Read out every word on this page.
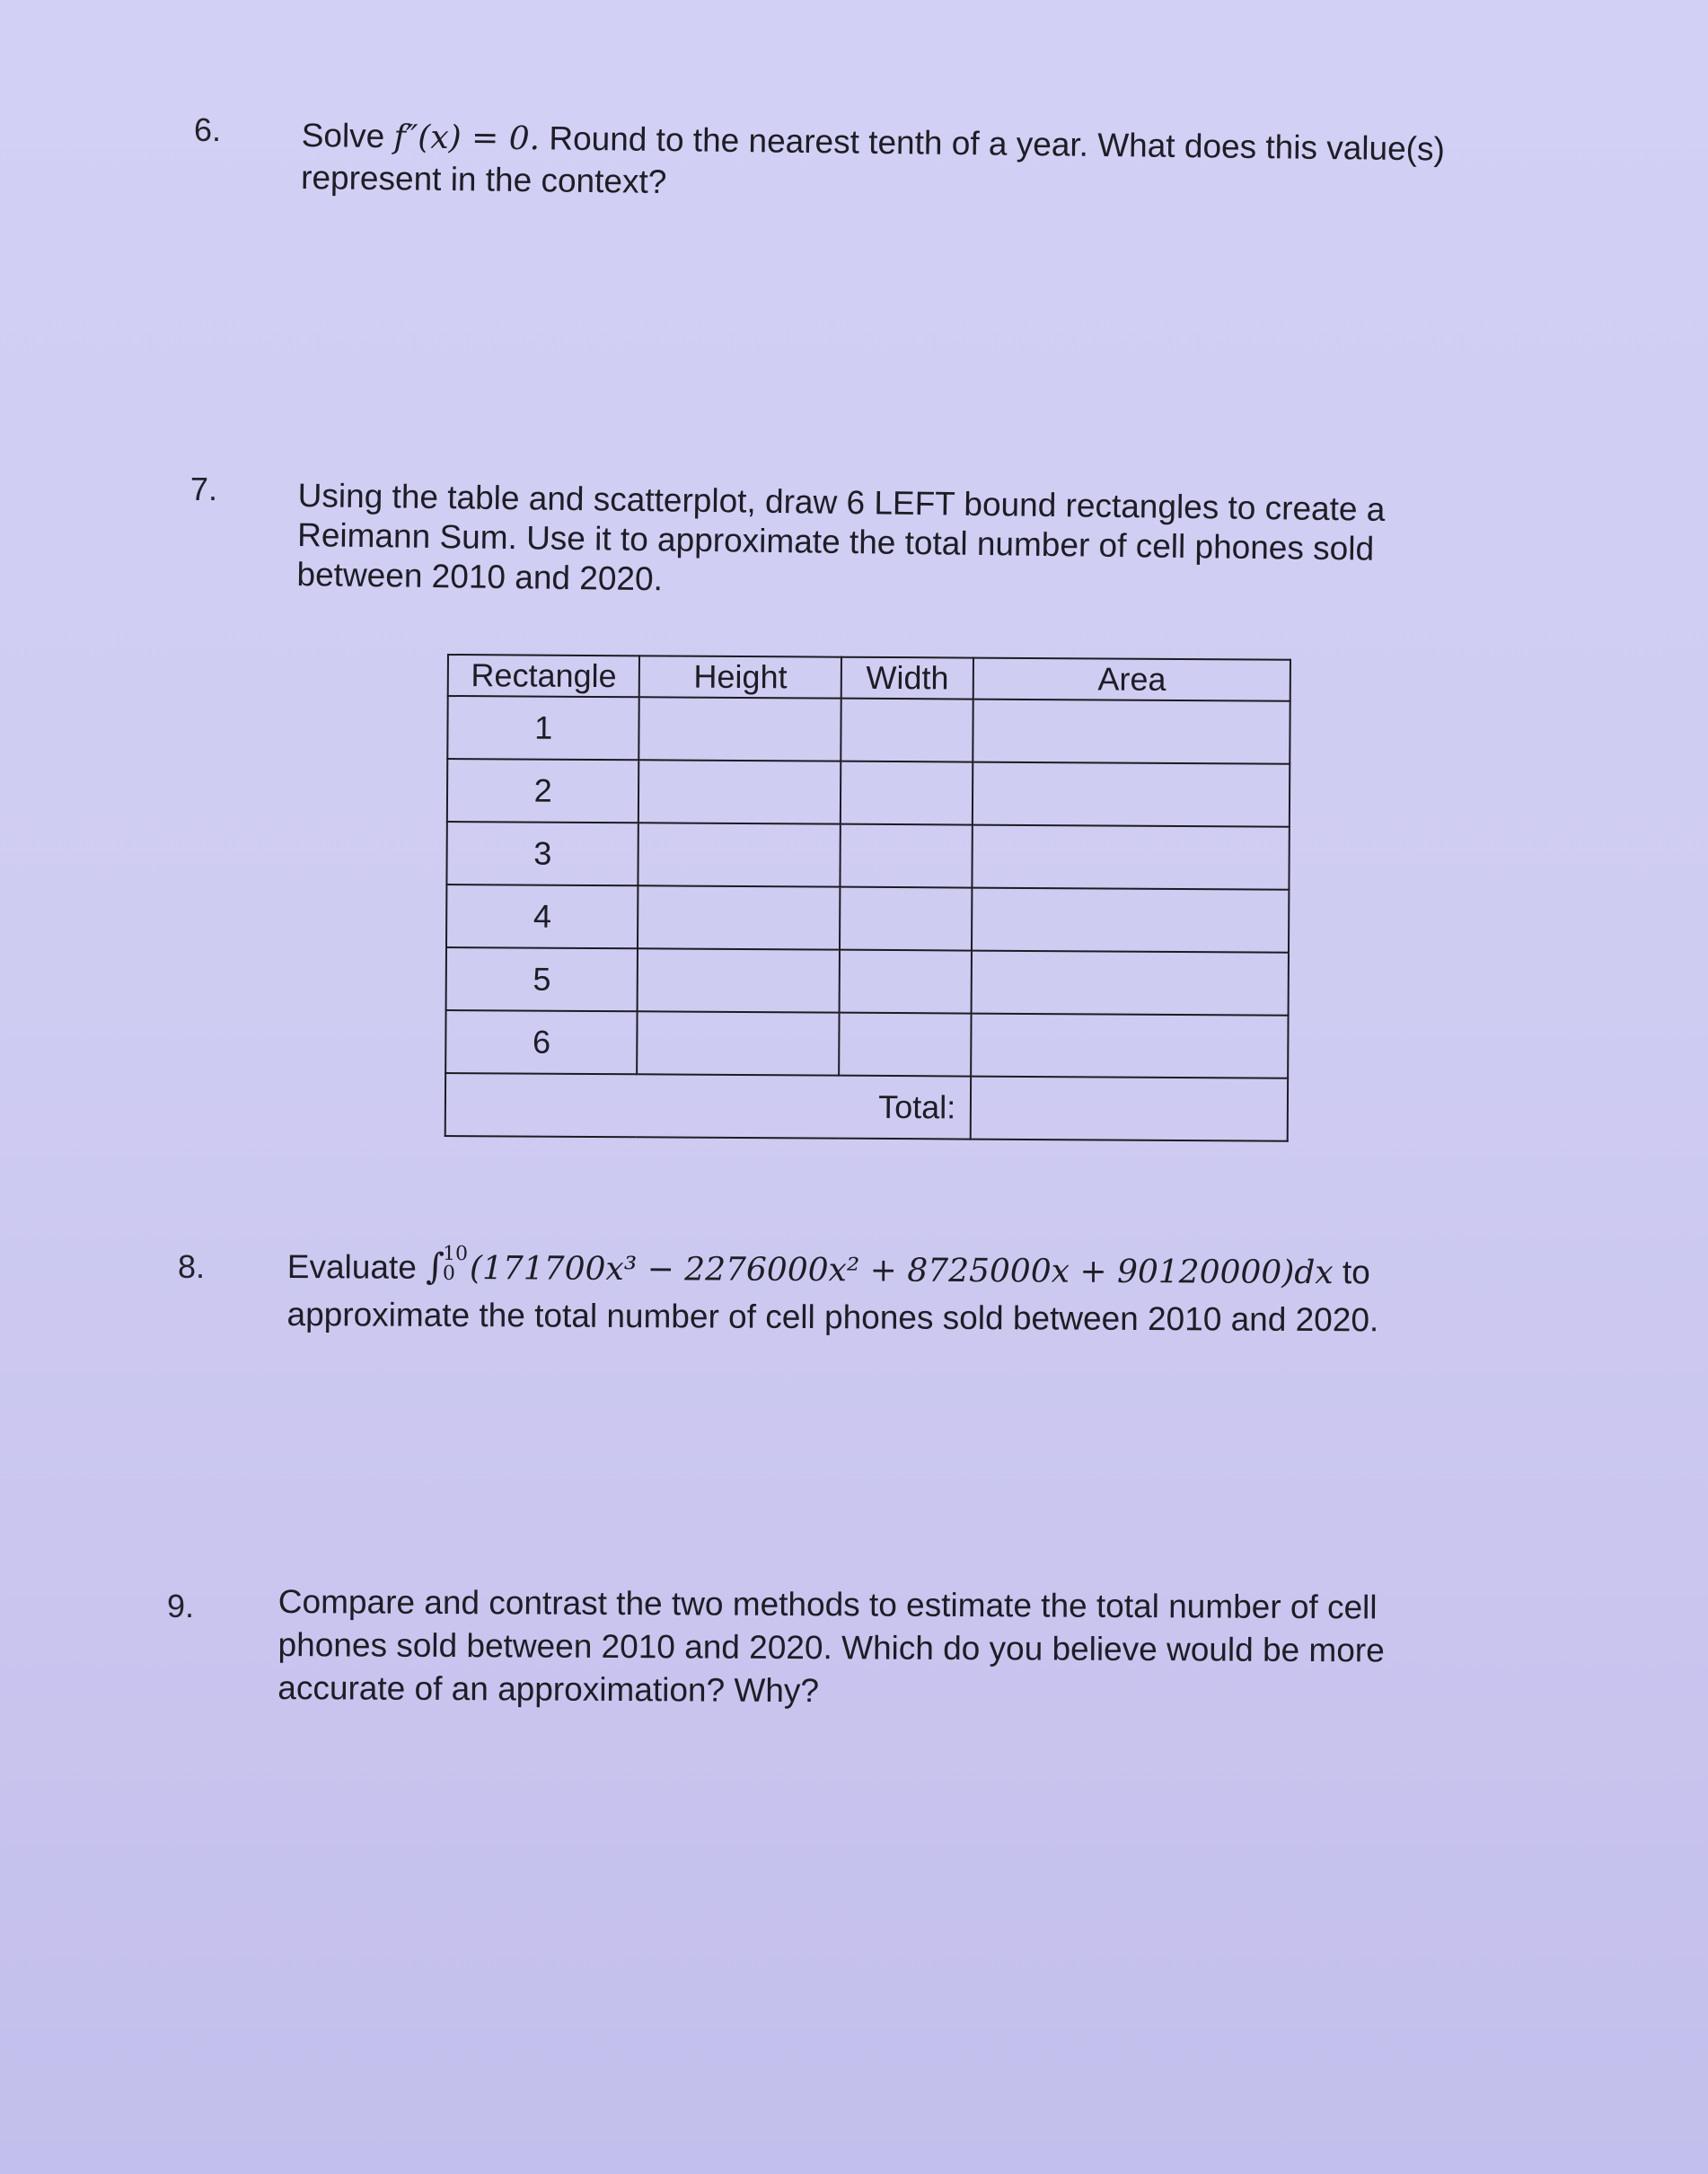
6. Solve f″(x) = 0. Round to the nearest tenth of a year. What does this value(s)
represent in the context?
7. Using the table and scatterplot, draw 6 LEFT bound rectangles to create a
Reimann Sum. Use it to approximate the total number of cell phones sold
between 2010 and 2020.
Rectangle	Height	Width	Area
1			
2			
3			
4			
5			
6			
Total:			
8. Evaluate ∫
10
0 (171700x³ − 2276000x² + 8725000x + 90120000)dx to
approximate the total number of cell phones sold between 2010 and 2020.
9.	Compare and contrast the two methods to estimate the total number of cell
phones sold between 2010 and 2020. Which do you believe would be more
accurate of an approximation? Why?
